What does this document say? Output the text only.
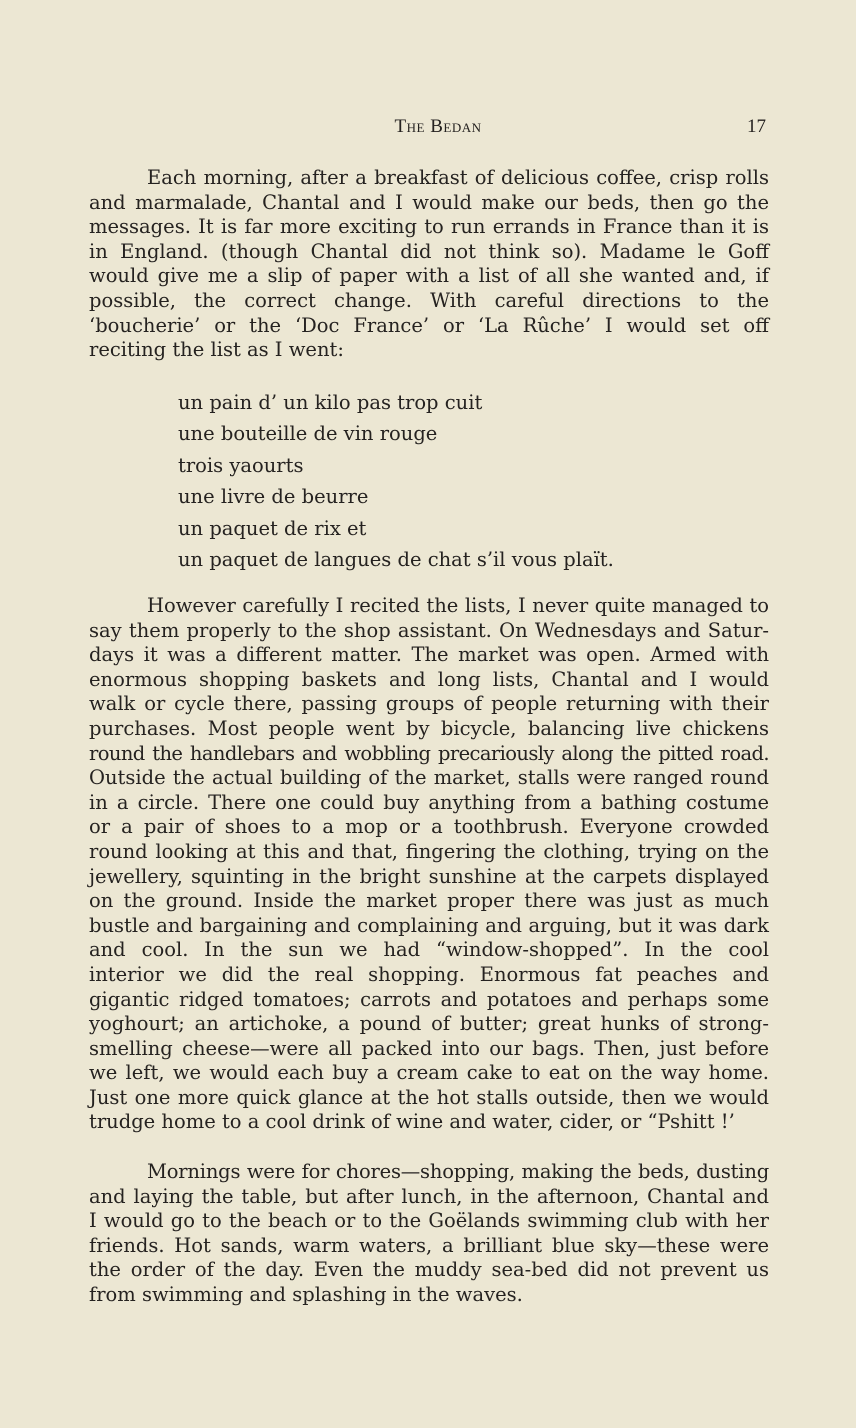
The Bedan	17

Each morning, after a breakfast of delicious coffee, crisp rolls
and marmalade, Chantal and I would make our beds, then go the
messages. It is far more exciting to run errands in France than it is
in England. (though Chantal did not think so). Madame le Goff
would give me a slip of paper with a list of all she wanted and, if
possible, the correct change. With careful directions to the
‘boucherie’ or the ‘Doc France’ or ‘La Rûche’ I would set off
reciting the list as I went:

un pain d’ un kilo pas trop cuit
une bouteille de vin rouge
trois yaourts
une livre de beurre
un paquet de rix et
un paquet de langues de chat s’il vous plaït.

However carefully I recited the lists, I never quite managed to
say them properly to the shop assistant. On Wednesdays and Satur-
days it was a different matter. The market was open. Armed with
enormous shopping baskets and long lists, Chantal and I would
walk or cycle there, passing groups of people returning with their
purchases. Most people went by bicycle, balancing live chickens
round the handlebars and wobbling precariously along the pitted road.
Outside the actual building of the market, stalls were ranged round
in a circle. There one could buy anything from a bathing costume
or a pair of shoes to a mop or a toothbrush. Everyone crowded
round looking at this and that, fingering the clothing, trying on the
jewellery, squinting in the bright sunshine at the carpets displayed
on the ground. Inside the market proper there was just as much
bustle and bargaining and complaining and arguing, but it was dark
and cool. In the sun we had “window-shopped”. In the cool
interior we did the real shopping. Enormous fat peaches and
gigantic ridged tomatoes; carrots and potatoes and perhaps some
yoghourt; an artichoke, a pound of butter; great hunks of strong-
smelling cheese—were all packed into our bags. Then, just before
we left, we would each buy a cream cake to eat on the way home.
Just one more quick glance at the hot stalls outside, then we would
trudge home to a cool drink of wine and water, cider, or “Pshitt !’

Mornings were for chores—shopping, making the beds, dusting
and laying the table, but after lunch, in the afternoon, Chantal and
I would go to the beach or to the Goëlands swimming club with her
friends. Hot sands, warm waters, a brilliant blue sky—these were
the order of the day. Even the muddy sea-bed did not prevent us
from swimming and splashing in the waves.
